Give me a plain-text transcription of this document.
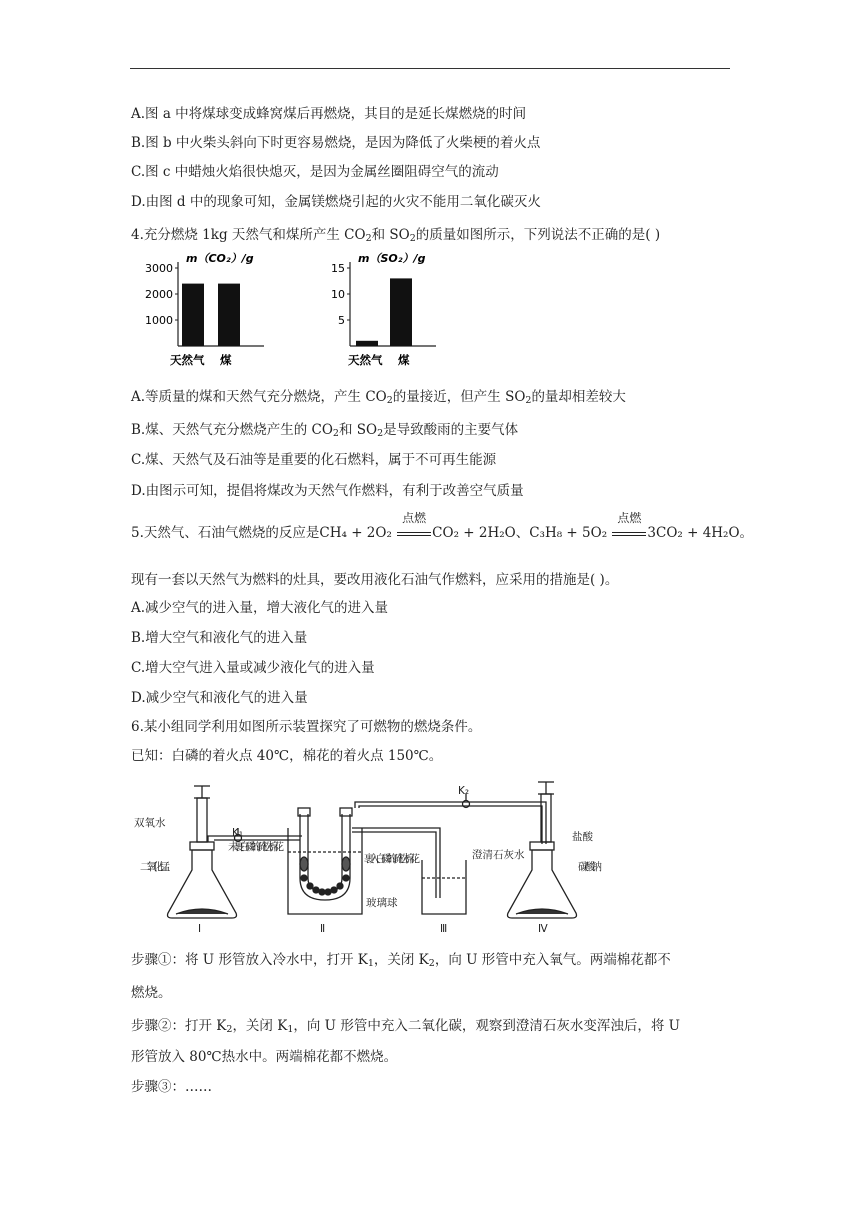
A.图 a 中将煤球变成蜂窝煤后再燃烧，其目的是延长煤燃烧的时间
B.图 b 中火柴头斜向下时更容易燃烧，是因为降低了火柴梗的着火点
C.图 c 中蜡烛火焰很快熄灭，是因为金属丝圈阻碍空气的流动
D.由图 d 中的现象可知，金属镁燃烧引起的火灾不能用二氧化碳灭火
4.充分燃烧 1kg 天然气和煤所产生 $CO_2$和 $SO_2$的质量如图所示，下列说法不正确的是( )
m（CO₂）/g
1000
2000
3000
天然气 煤
m（SO₂）/g
5
10
15
天然气 煤
A.等质量的煤和天然气充分燃烧，产生 $CO_2$的量接近，但产生 $SO_2$的量却相差较大
B.煤、天然气充分燃烧产生的 $CO_2$和 $SO_2$是导致酸雨的主要气体
C.煤、天然气及石油等是重要的化石燃料，属于不可再生能源
D.由图示可知，提倡将煤改为天然气作燃料，有利于改善空气质量
5.天然气、石油气燃烧的反应是CH₄ + 2O₂
点燃
CO₂ + 2H₂O、C₃H₈ + 5O₂
点燃
3CO₂ + 4H₂O。
现有一套以天然气为燃料的灶具，要改用液化石油气作燃料，应采用的措施是( )。
A.减少空气的进入量，增大液化气的进入量
B.增大空气和液化气的进入量
C.增大空气进入量或减少液化气的进入量
D.减少空气和液化气的进入量
6.某小组同学利用如图所示装置探究了可燃物的燃烧条件。
已知：白磷的着火点 40℃，棉花的着火点 150℃。
双氧水
二氧化锰
K₁
未裹白磷的疏松棉花
裹入白磷的疏松棉花
玻璃球
澄清石灰水
K₂
盐酸
碳酸钠
Ⅰ	Ⅱ	Ⅲ	Ⅳ
步骤①：将 U 形管放入冷水中，打开 $K_1$，关闭 $K_2$，向 U 形管中充入氧气。两端棉花都不
燃烧。
步骤②：打开 $K_2$，关闭 $K_1$，向 U 形管中充入二氧化碳，观察到澄清石灰水变浑浊后，将 U
形管放入 80℃热水中。两端棉花都不燃烧。
步骤③：……
